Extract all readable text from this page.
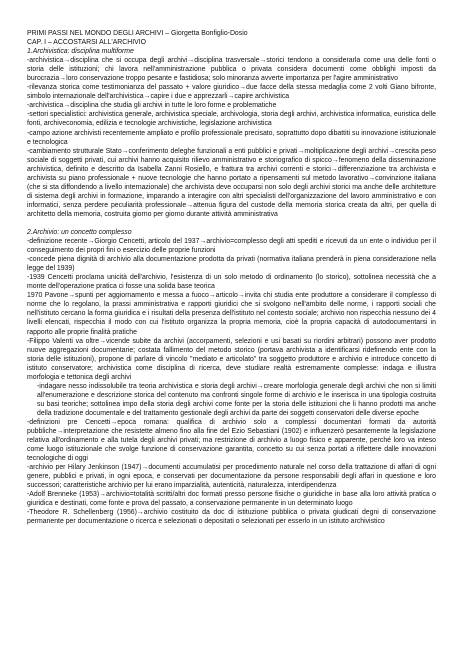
PRIMI PASSI NEL MONDO DEGLI ARCHIVI – Giorgetta Bonfiglio-Dosio

CAP. I – ACCOSTARSI ALL'ARCHIVIO

1.Archivistica: disciplina multiforme

-archivistica→disciplina che si occupa degli archivi→disciplina trasversale→storici tendono a considerarla come una delle fonti o storia delle istituzioni; chi lavora nell'amministrazione pubblica o privata considera documenti come obblighi imposti da burocrazia→loro conservazione troppo pesante e fastidiosa; solo minoranza avverte importanza per l'agire amministrativo

-rilevanza storica come testimonianza del passato + valore giuridico→due facce della stessa medaglia come 2 volti Giano bifronte, simbolo internazionale dell'archivistica→capire i due e apprezzarli→capire archivistica

-archivistica→disciplina che studia gli archivi in tutte le loro forme e problematiche

-settori specialistici: archivistica generale, archivistica speciale, archivologia, storia degli archivi, archivistica informatica, euristica delle fonti, archiveconomia, edilizia e tecnologie archivistiche, legislazione archivistica

-campo azione archivisti recentemente ampliato e profilo professionale precisato, soprattutto dopo dibattiti su innovazione istituzionale e tecnologica

-cambiamento strutturale Stato→conferimento deleghe funzionali a enti pubblici e privati→moltiplicazione degli archivi→crescita peso sociale di soggetti privati, cui archivi hanno acquisito rilievo amministrativo e storiografico di spicco→fenomeno della disseminazione archivistica, definito e descritto da Isabella Zanni Rosiello, e frattura tra archivi correnti e storici→differenziazione tra archivista e archivista su piano professionale + nuove tecnologie che hanno portato a ripensamenti sul metodo lavorativo→convinzione italiana (che si sta diffondendo a livello internazionale) che archivista deve occuparsi non solo degli archivi storici ma anche delle architetture di sistema degli archivi in formazione, imparando a interagire con altri specialisti dell'organizzazione del lavoro amministrativo e con informatici, senza perdere peculiarità professionale→attenua figura del custode della memoria storica creata da altri, per quella di architetto della memoria, costruita giorno per giorno durante attività amministrativa

2.Archivio: un concetto complesso

-definizione recente→Giorgio Cencetti, articolo del 1937→archivio=complesso degli atti spediti e ricevuti da un ente o individuo per il conseguimento dei propri fini o esercizio delle proprie funzioni

-concede piena dignità di archivio alla documentazione prodotta da privati (normativa italiana prenderà in piena considerazione nella legge del 1939)

-1939 Cencetti proclama unicità dell'archivio, l'esistenza di un solo metodo di ordinamento (lo storico), sottolinea necessità che a monte dell'operazione pratica ci fosse una solida base teorica

1970 Pavone→spunti per aggiornamento e messa a fuoco→articolo→invita chi studia ente produttore a considerare il complesso di norme che lo regolano, la prassi amministrativa e rapporti giuridici che si svolgono nell'ambito delle norme, i rapporti sociali che nell'istituto cercano la forma giuridica e i risultati della presenza dell'istituto nel contesto sociale; archivio non rispecchia nessuno dei 4 livelli elencati, rispecchia il modo con cui l'istituto organizza la propria memoria, cioè la propria capacità di autodocumentarsi in rapporto alle proprie finalità pratiche

-Filippo Valenti va oltre→vicende subite da archivi (accorpamenti, selezioni e usi basati su riordini arbitrari) possono aver prodotto nuove aggregazioni documentarie; costata fallimento del metodo storico (portava archivista a identificarsi ridefinendo ente con la storia delle istituzioni), propone di parlare di vincolo "mediato e articolato" tra soggetto produttore e archivio e introduce concetto di istituto conservatore; archivistica come disciplina di ricerca, deve studiare realtà estremamente complesse: indaga e illustra morfologia e tettonica degli archivi

-indagare nesso indissolubile tra teoria archivistica e storia degli archivi→creare morfologia generale degli archivi che non si limiti all'enumerazione e descrizione storica del contenuto ma confronti singole forme di archivio e le inserisca in una tipologia costruita su basi teoriche; sottolinea impo della storia degli archivi come fonte per la storia delle istituzioni che li hanno prodotti ma anche della tradizione documentale e del trattamento gestionale degli archivi da parte dei soggetti conservatori delle diverse epoche

-definizioni pre Cencetti→epoca romana: qualifica di archivio solo a complessi documentari formati da autorità pubbliche→interpretazione che resistette almeno fino alla fine del Ezio Sebastiani (1902) e influenzerò pesantemente la legislazione relativa all'ordinamento e alla tutela degli archivi privati; ma restrizione di archivio a luogo fisico e apparente, perché loro va inteso come luogo istituzionale che svolge funzione di conservazione garantita, concetto su cui senza portati a riflettere dalle innovazioni tecnologiche di oggi

-archivio per Hilary Jenkinson (1947)→documenti accumulatisi per procedimento naturale nel corso della trattazione di affari di ogni genere, pubblici e privati, in ogni epoca, e conservati per documentazione da persone responsabili degli affari in questione e loro successori; caratteristiche archivio per lui erano imparzialità, autenticità, naturalezza, interdipendenza

-Adolf Brenneke (1953)→archivio=totalità scritti/altri doc formati presso persone fisiche o giuridiche in base alla loro attività pratica o giuridica e destinati, come fonte e prova del passato, a conservazione permanente in un determinato luogo

-Theodore R. Schellenberg (1956)→archivio costituito da doc di istituzione pubblica o privata giudicati degni di conservazione permanente per documentazione o ricerca e selezionati o depositati o selezionati per esserlo in un istituto archivistico
